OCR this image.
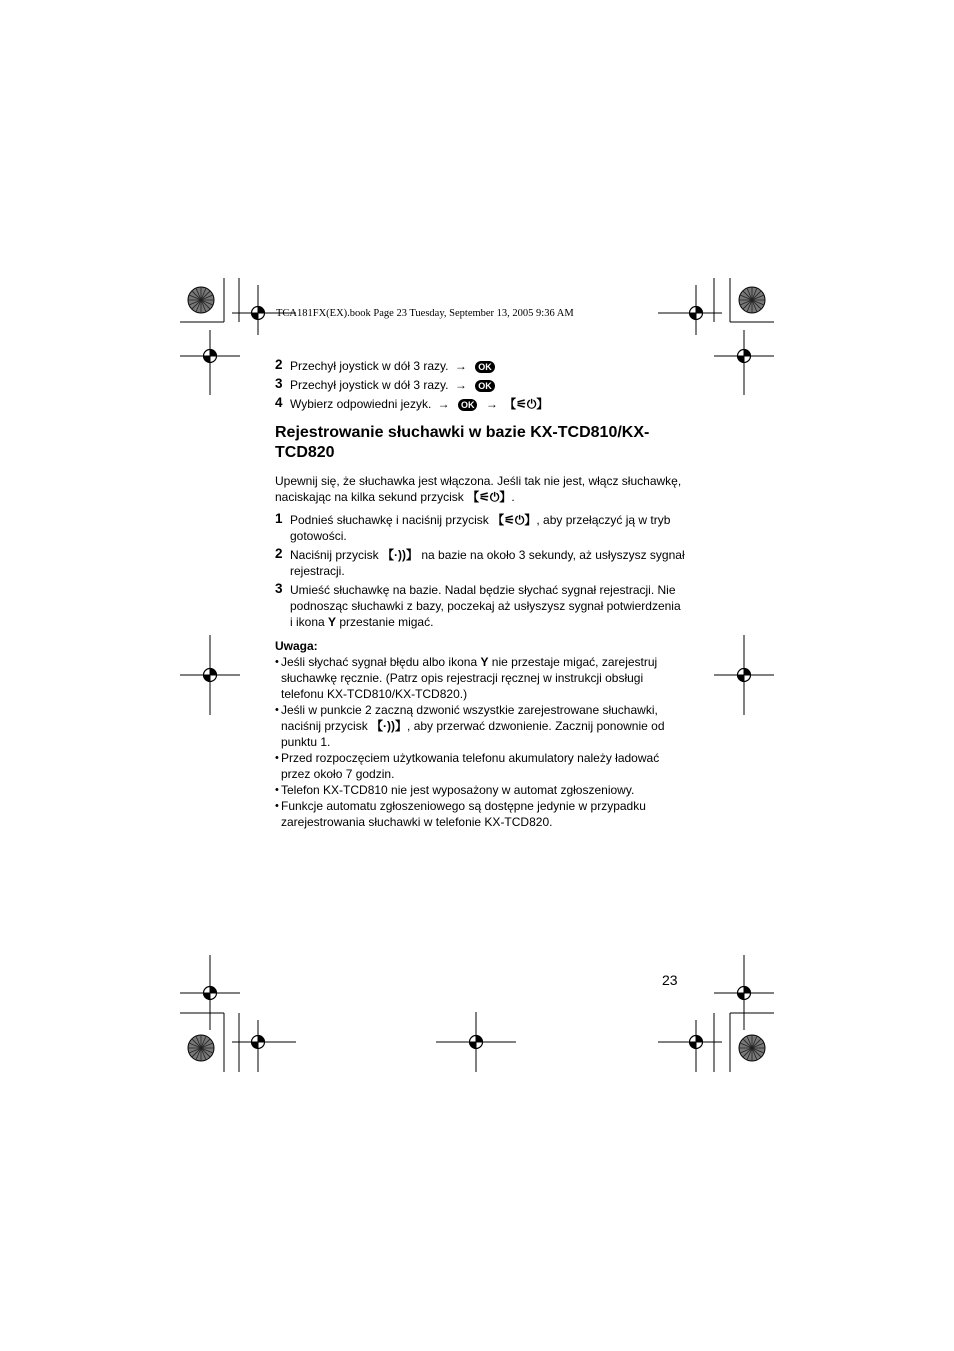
TCA181FX(EX).book Page 23 Tuesday, September 13, 2005 9:36 AM
2 Przechył joystick w dół 3 razy. → OK
3 Przechył joystick w dół 3 razy. → OK
4 Wybierz odpowiedni jezyk. → OK → 【⚟⏻】
Rejestrowanie słuchawki w bazie KX-TCD810/KX-TCD820
Upewnij się, że słuchawka jest włączona. Jeśli tak nie jest, włącz słuchawkę, naciskając na kilka sekund przycisk 【⚟⏻】.
1 Podnieś słuchawkę i naciśnij przycisk 【⚟⏻】, aby przełączyć ją w tryb gotowości.
2 Naciśnij przycisk 【·))】 na bazie na około 3 sekundy, aż usłyszysz sygnał rejestracji.
3 Umieść słuchawkę na bazie. Nadal będzie słychać sygnał rejestracji. Nie podnosząc słuchawki z bazy, poczekaj aż usłyszysz sygnał potwierdzenia i ikona Y przestanie migać.
Uwaga:
• Jeśli słychać sygnał błędu albo ikona Y nie przestaje migać, zarejestruj słuchawkę ręcznie. (Patrz opis rejestracji ręcznej w instrukcji obsługi telefonu KX-TCD810/KX-TCD820.)
• Jeśli w punkcie 2 zaczną dzwonić wszystkie zarejestrowane słuchawki, naciśnij przycisk 【·))】, aby przerwać dzwonienie. Zacznij ponownie od punktu 1.
• Przed rozpoczęciem użytkowania telefonu akumulatory należy ładować przez około 7 godzin.
• Telefon KX-TCD810 nie jest wyposażony w automat zgłoszeniowy.
• Funkcje automatu zgłoszeniowego są dostępne jedynie w przypadku zarejestrowania słuchawki w telefonie KX-TCD820.
23
